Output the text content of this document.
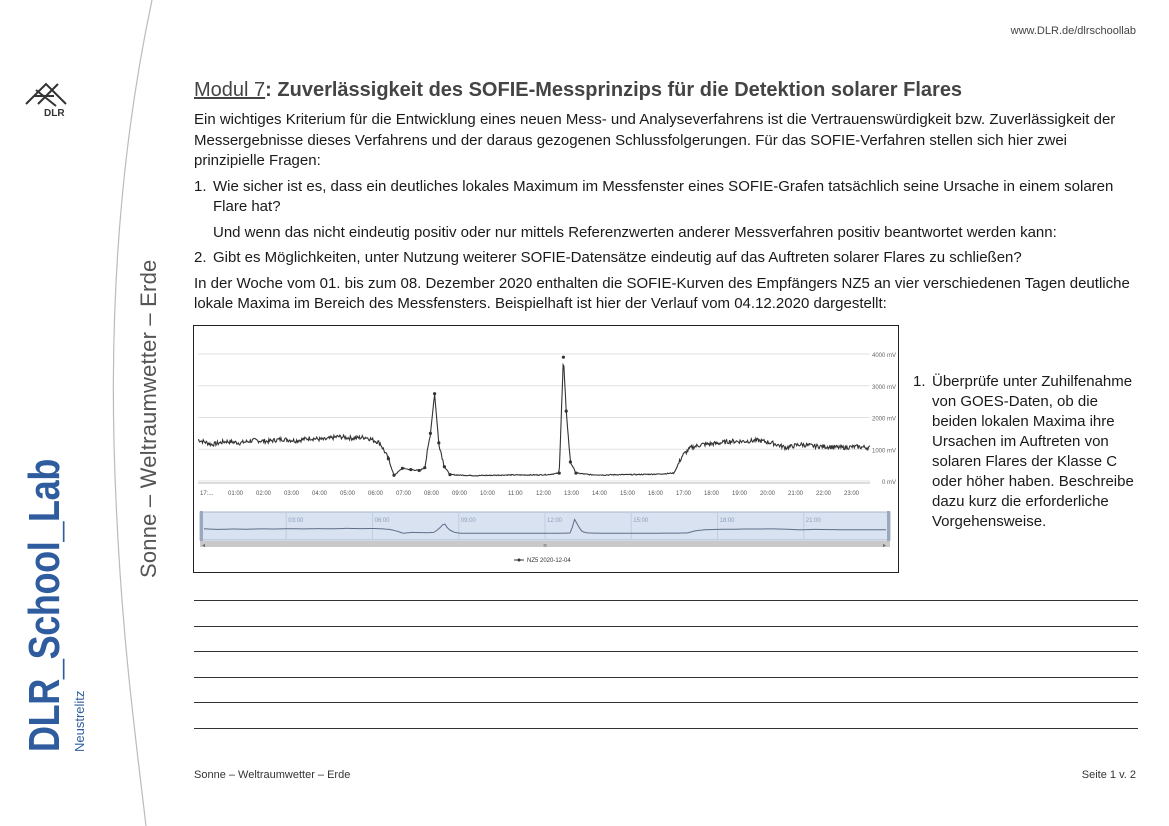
www.DLR.de/dlrschoollab
DLR
Sonne – Weltraumwetter – Erde
DLR_School_Lab Neustrelitz
Modul 7: Zuverlässigkeit des SOFIE-Messprinzips für die Detektion solarer Flares

Ein wichtiges Kriterium für die Entwicklung eines neuen Mess- und Analyseverfahrens ist die Vertrauenswürdigkeit bzw. Zuverlässigkeit der Messergebnisse dieses Verfahrens und der daraus gezogenen Schlussfolgerungen. Für das SOFIE-Verfahren stellen sich hier zwei prinzipielle Fragen:

1. Wie sicher ist es, dass ein deutliches lokales Maximum im Messfenster eines SOFIE-Grafen tatsächlich seine Ursache in einem solaren Flare hat?
Und wenn das nicht eindeutig positiv oder nur mittels Referenzwerten anderer Messverfahren positiv beantwortet werden kann:
2. Gibt es Möglichkeiten, unter Nutzung weiterer SOFIE-Datensätze eindeutig auf das Auftreten solarer Flares zu schließen?

In der Woche vom 01. bis zum 08. Dezember 2020 enthalten die SOFIE-Kurven des Empfängers NZ5 an vier verschiedenen Tagen deutliche lokale Maxima im Bereich des Messfensters. Beispielhaft ist hier der Verlauf vom 04.12.2020 dargestellt:

4000 mV
3000 mV
2000 mV
1000 mV
0 mV
17:... 01:00 02:00 03:00 04:00 05:00 06:00 07:00 08:00 09:00 10:00 11:00 12:00 13:00 14:00 15:00 16:00 17:00 18:00 19:00 20:00 21:00 22:00 23:00
03:00	06:00	09:00	12:00	15:00	18:00	21:00
◂	▸
≡
NZ5 2020-12-04
1. Überprüfe unter Zuhilfenahme von GOES-Daten, ob die beiden lokalen Maxima ihre Ursachen im Auftreten von solaren Flares der Klasse C oder höher haben. Beschreibe dazu kurz die erforderliche Vorgehensweise.
Sonne – Weltraumwetter – Erde	Seite 1 v. 2
